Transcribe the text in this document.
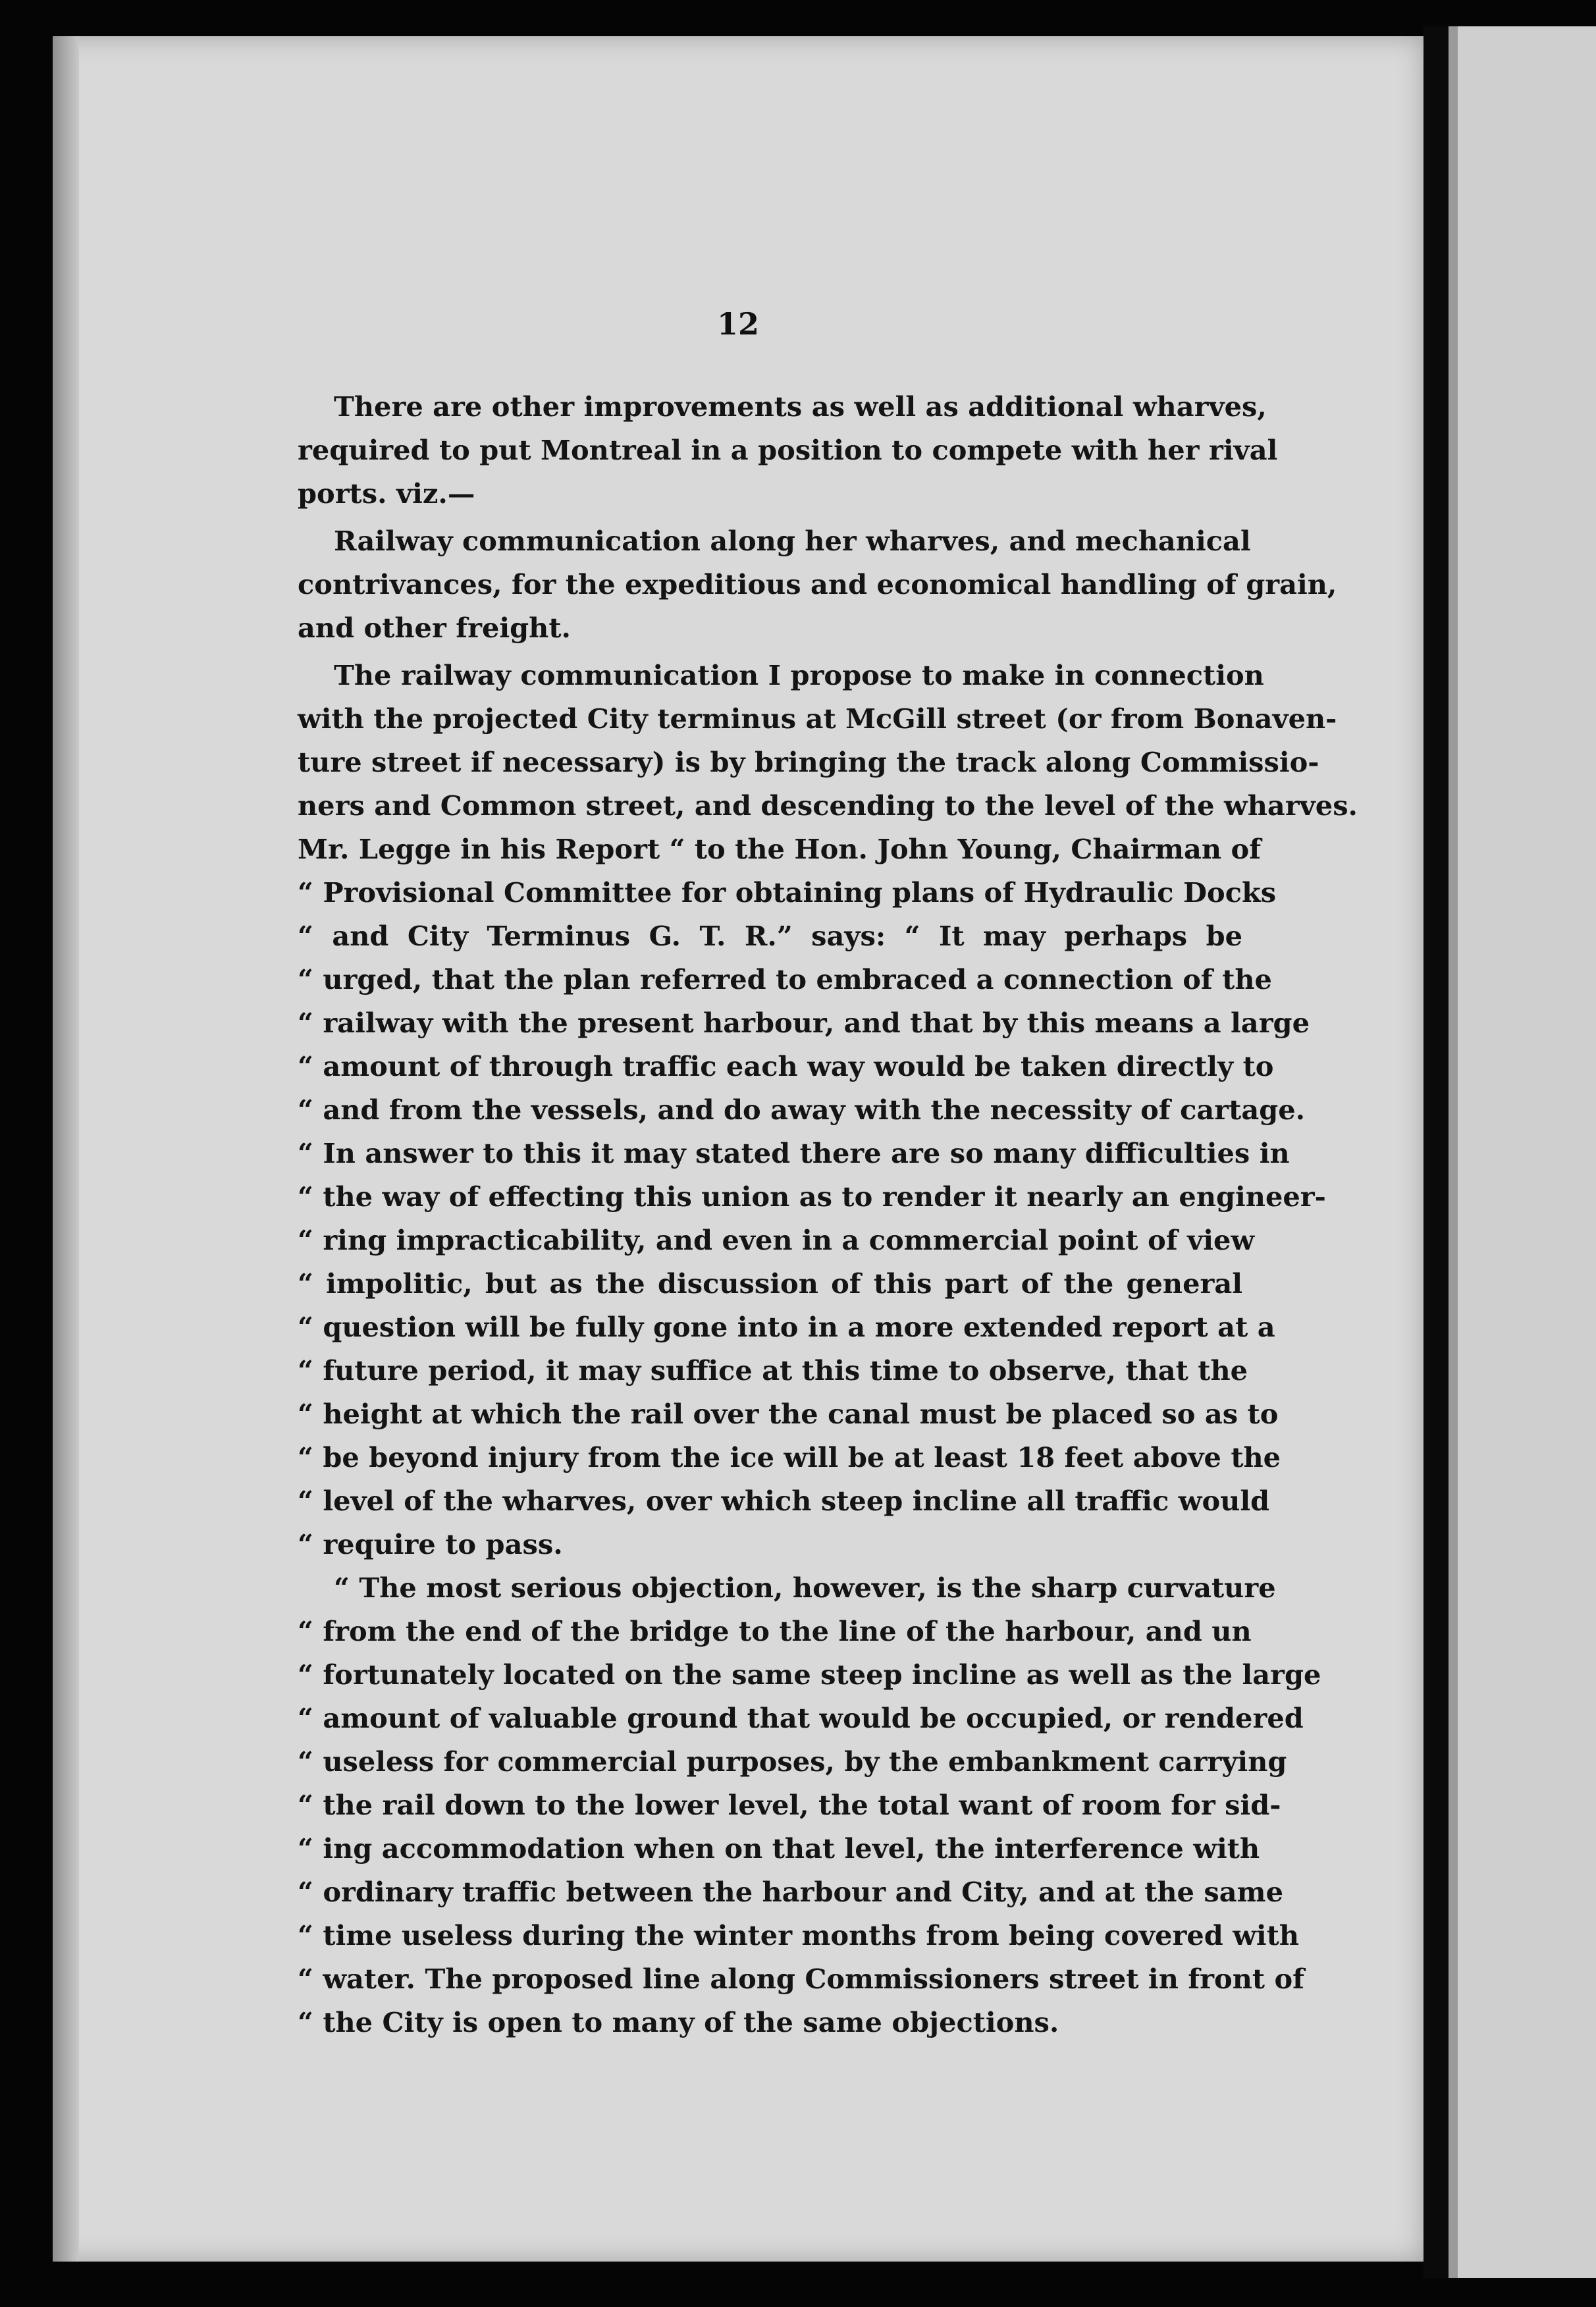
12
There are other improvements as well as additional wharves,
required to put Montreal in a position to compete with her rival
ports. viz.—
Railway communication along her wharves, and mechanical
contrivances, for the expeditious and economical handling of grain,
and other freight.
The railway communication I propose to make in connection
with the projected City terminus at McGill street (or from Bonaven-
ture street if necessary) is by bringing the track along Commissio-
ners and Common street, and descending to the level of the wharves.
Mr. Legge in his Report “ to the Hon. John Young, Chairman of
“ Provisional Committee for obtaining plans of Hydraulic Docks
“ and City Terminus G. T. R.” says: “ It may perhaps be
“ urged, that the plan referred to embraced a connection of the
“ railway with the present harbour, and that by this means a large
“ amount of through traffic each way would be taken directly to
“ and from the vessels, and do away with the necessity of cartage.
“ In answer to this it may stated there are so many difficulties in
“ the way of effecting this union as to render it nearly an engineer-
“ ring impracticability, and even in a commercial point of view
“ impolitic, but as the discussion of this part of the general
“ question will be fully gone into in a more extended report at a
“ future period, it may suffice at this time to observe, that the
“ height at which the rail over the canal must be placed so as to
“ be beyond injury from the ice will be at least 18 feet above the
“ level of the wharves, over which steep incline all traffic would
“ require to pass.
“ The most serious objection, however, is the sharp curvature
“ from the end of the bridge to the line of the harbour, and un
“ fortunately located on the same steep incline as well as the large
“ amount of valuable ground that would be occupied, or rendered
“ useless for commercial purposes, by the embankment carrying
“ the rail down to the lower level, the total want of room for sid-
“ ing accommodation when on that level, the interference with
“ ordinary traffic between the harbour and City, and at the same
“ time useless during the winter months from being covered with
“ water. The proposed line along Commissioners street in front of
“ the City is open to many of the same objections.
